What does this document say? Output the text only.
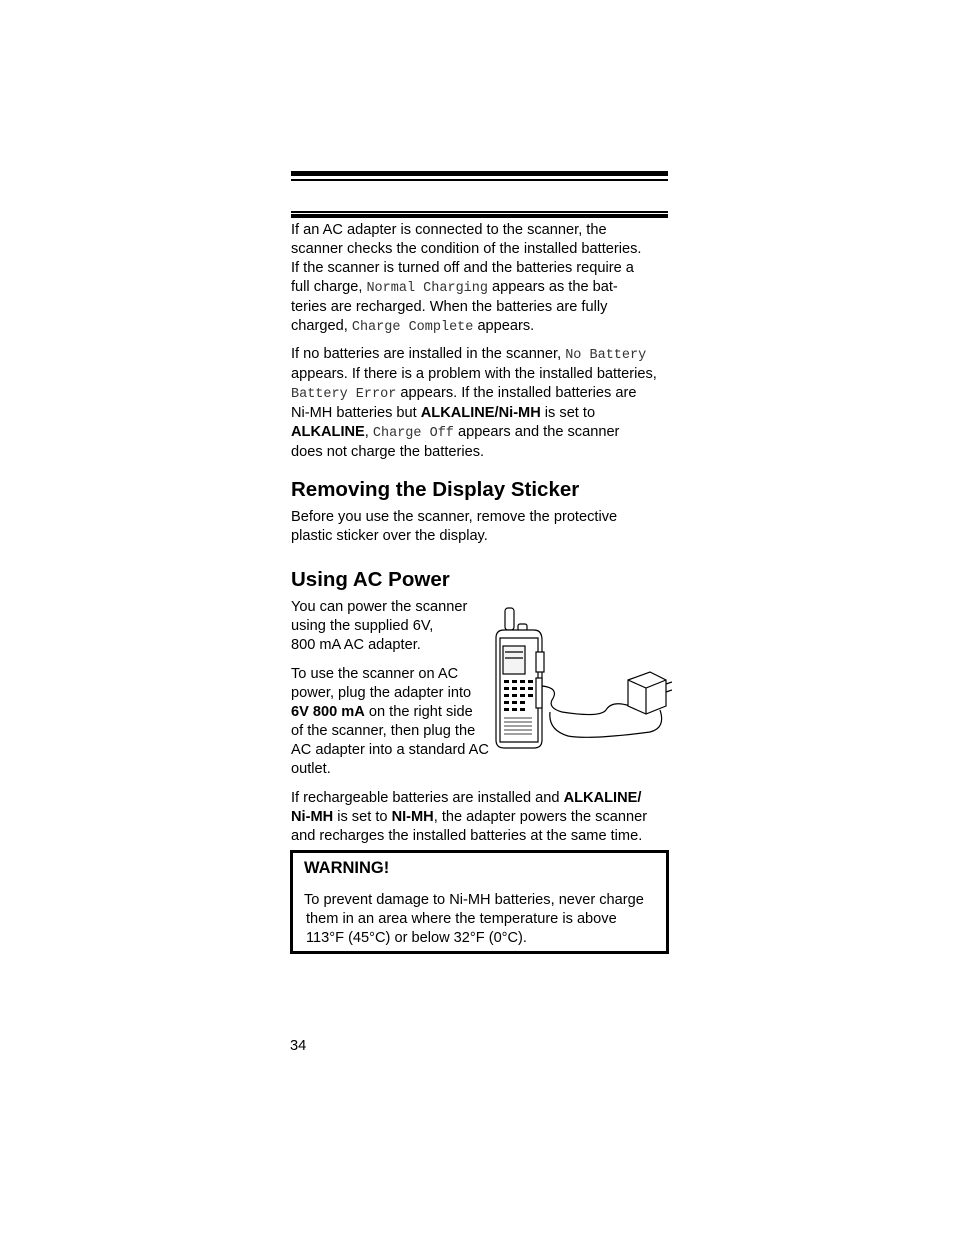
If an AC adapter is connected to the scanner, the

scanner checks the condition of the installed batteries.

If the scanner is turned off and the batteries require a

full charge, Normal Charging appears as the bat-

teries are recharged. When the batteries are fully

charged, Charge Complete appears.

If no batteries are installed in the scanner, No Battery

appears. If there is a problem with the installed batteries,

Battery Error appears. If the installed batteries are

Ni-MH batteries but ALKALINE/Ni-MH is set to

ALKALINE, Charge Off appears and the scanner

does not charge the batteries.

Removing the Display Sticker

Before you use the scanner, remove the protective

plastic sticker over the display.

Using AC Power

You can power the scanner

using the supplied 6V,

800 mA AC adapter.

To use the scanner on AC

power, plug the adapter into

6V 800 mA on the right side

of the scanner, then plug the

AC adapter into a standard AC

outlet.

If rechargeable batteries are installed and ALKALINE/

Ni-MH is set to NI-MH, the adapter powers the scanner

and recharges the installed batteries at the same time.

WARNING!
To prevent damage to Ni-MH batteries, never charge
them in an area where the temperature is above
113°F (45°C) or below 32°F (0°C).
34
